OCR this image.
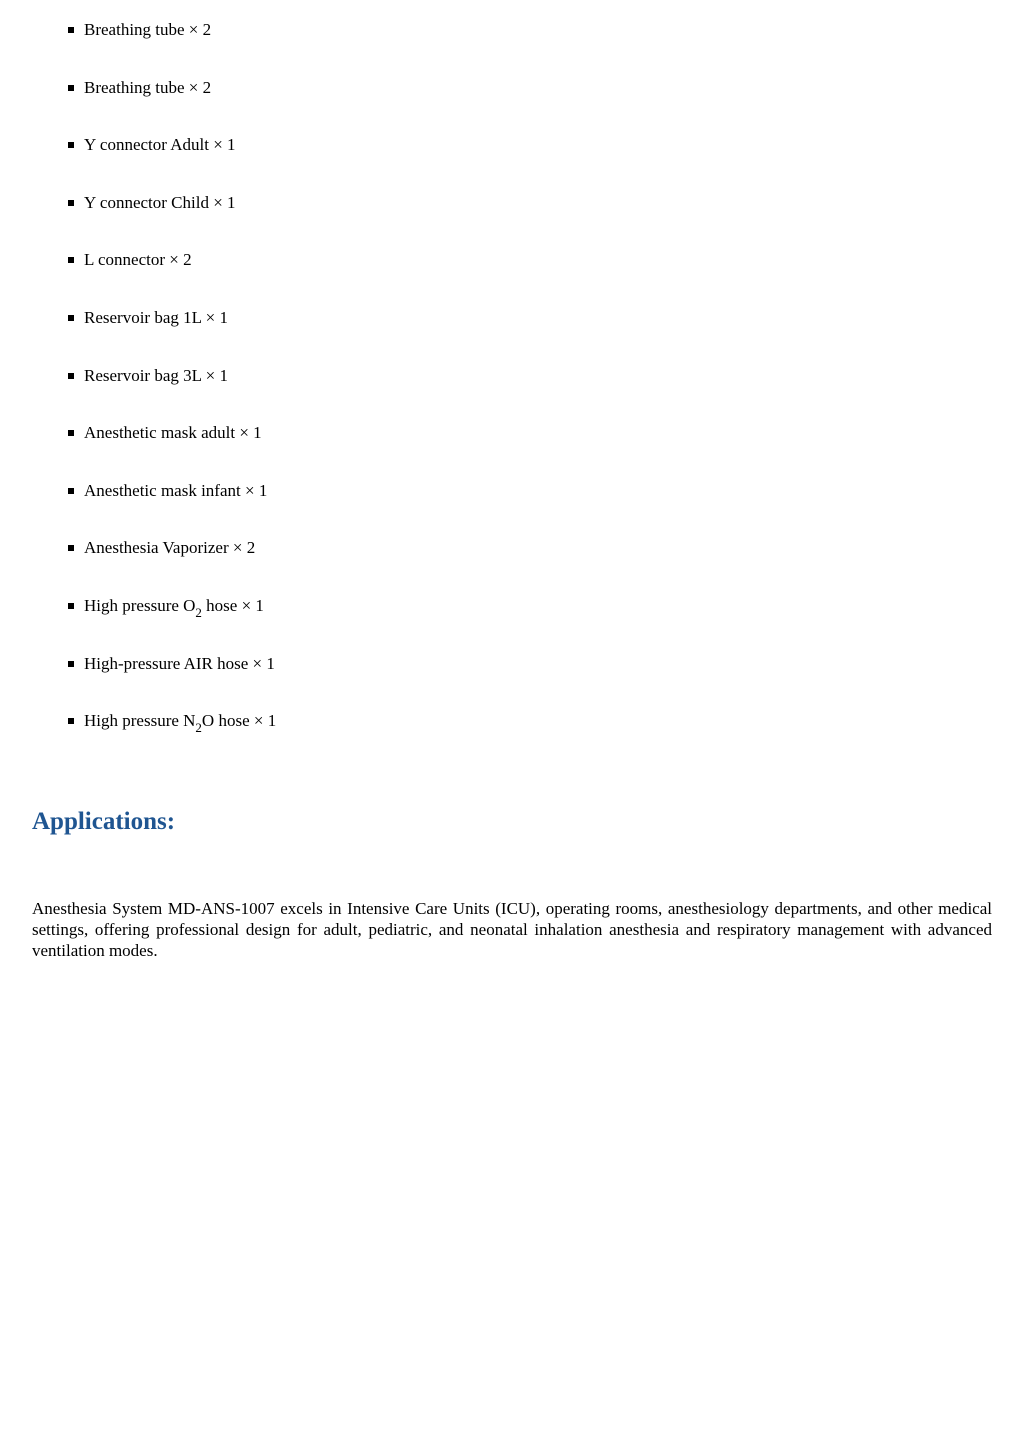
Breathing tube × 2
Breathing tube × 2
Y connector Adult × 1
Y connector Child × 1
L connector × 2
Reservoir bag 1L × 1
Reservoir bag 3L × 1
Anesthetic mask adult × 1
Anesthetic mask infant × 1
Anesthesia Vaporizer × 2
High pressure $O_2$ hose × 1
High-pressure AIR hose × 1
High pressure $N_2O$ hose × 1
Applications:

Anesthesia System MD-ANS-1007 excels in Intensive Care Units (ICU), operating rooms, anesthesiology departments, and other medical settings, offering professional design for adult, pediatric, and neonatal inhalation anesthesia and respiratory management with advanced ventilation modes.
